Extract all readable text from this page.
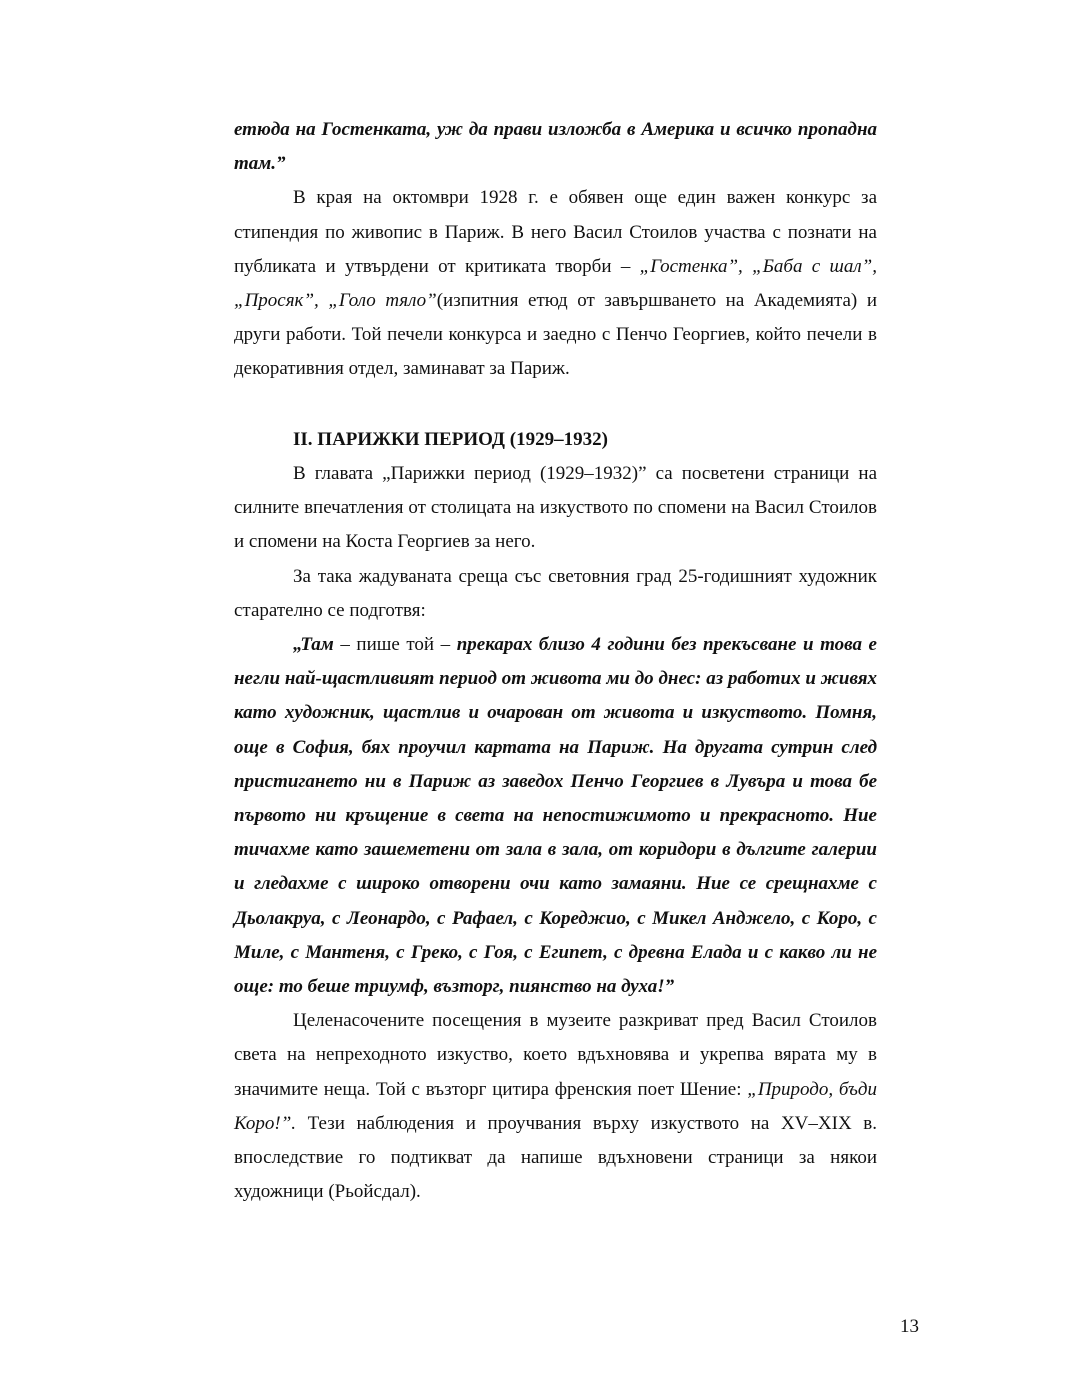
етюда на Гостенката, уж да прави изложба в Америка и всичко пропадна там.”

В края на октомври 1928 г. е обявен още един важен конкурс за стипендия по живопис в Париж. В него Васил Стоилов участва с познати на публиката и утвърдени от критиката творби – „Гостенка”, „Баба с шал”, „Просяк”, „Голо тяло”(изпитния етюд от завършването на Академията) и други работи. Той печели конкурса и заедно с Пенчо Георгиев, който печели в декоративния отдел, заминават за Париж.

II. ПАРИЖКИ ПЕРИОД (1929–1932)

В главата „Парижки период (1929–1932)” са посветени страници на силните впечатления от столицата на изкуството по спомени на Васил Стоилов и спомени на Коста Георгиев за него.

За така жадуваната среща със световния град 25-годишният художник старателно се подготвя:

„Там – пише той – прекарах близо 4 години без прекъсване и това е негли най-щастливият период от живота ми до днес: аз работих и живях като художник, щастлив и очарован от живота и изкуството. Помня, още в София, бях проучил картата на Париж. На другата сутрин след пристигането ни в Париж аз заведох Пенчо Георгиев в Лувъра и това бе първото ни кръщение в света на непостижимото и прекрасното. Ние тичахме като зашеметени от зала в зала, от коридори в дългите галерии и гледахме с широко отворени очи като замаяни. Ние се срещнахме с Дьолакруа, с Леонардо, с Рафаел, с Кореджио, с Микел Анджело, с Коро, с Миле, с Мантеня, с Греко, с Гоя, с Египет, с древна Елада и с какво ли не още: то беше триумф, възторг, пиянство на духа!”

Целенасочените посещения в музеите разкриват пред Васил Стоилов света на непреходното изкуство, което вдъхновява и укрепва вярата му в значимите неща. Той с възторг цитира френския поет Шение: „Природо, бъди Коро!”. Тези наблюдения и проучвания върху изкуството на XV–XIX в. впоследствие го подтикват да напише вдъхновени страници за някои художници (Рьойсдал).

13
